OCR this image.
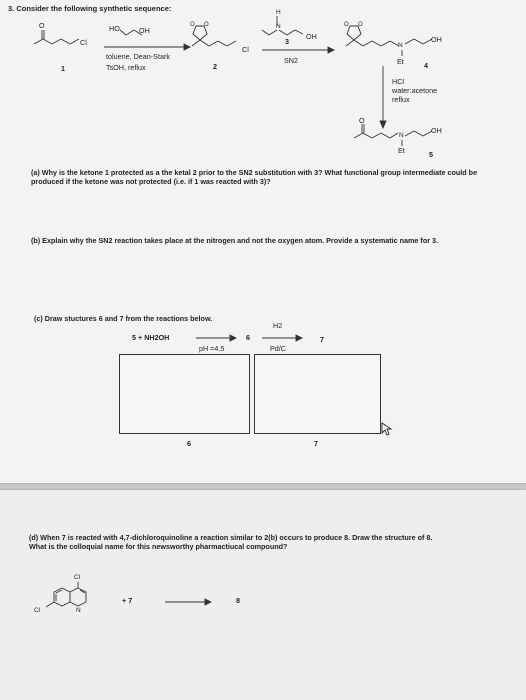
3. Consider the following synthetic sequence:
O
Cl
1
HO	OH
toluene, Dean-Stark
TsOH, reflux
O O
Cl
2
H
N
OH
3
SN2
O O
N
OH
Et	4
HCl
water:acetone
reflux
O
N
OH
Et	5
(a) Why is the ketone 1 protected as a the ketal 2 prior to the SN2 substitution with 3? What functional group intermediate could be produced if the ketone was not protected (i.e. if 1 was reacted with 3)?
(b) Explain why the SN2 reaction takes place at the nitrogen and not the oxygen atom. Provide a systematic name for 3.
(c) Draw stuctures 6 and 7 from the reactions below.
5 + NH2OH
pH =4.5
6
H2
Pd/C
7
6	7
(d) When 7 is reacted with 4,7-dichloroquinoline a reaction similar to 2(b) occurs to produce 8. Draw the structure of 8.
What is the colloquial name for this newsworthy pharmactiucal compound?
Cl
Cl	N
+ 7	8
